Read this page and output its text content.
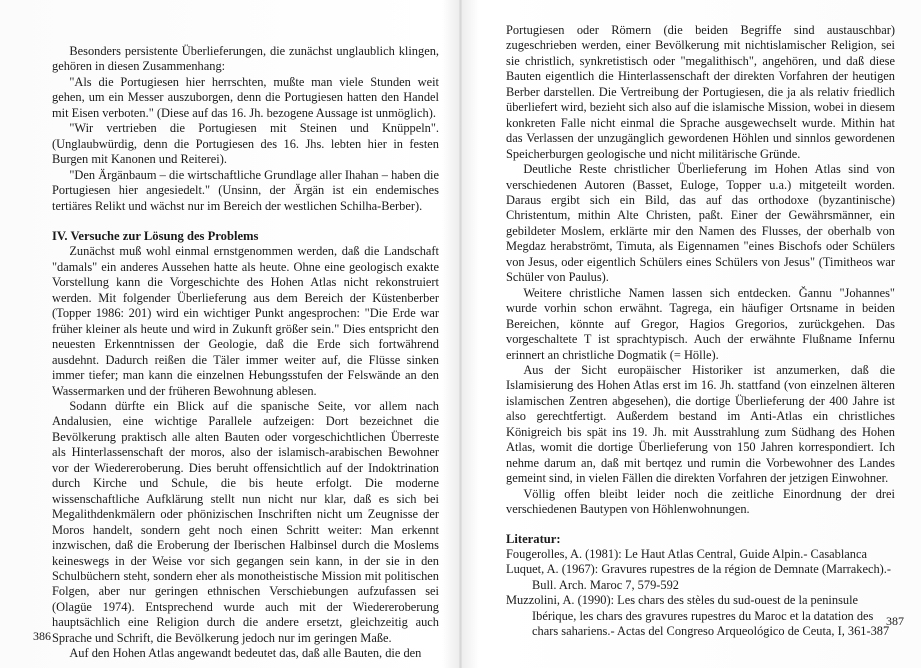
Besonders persistente Überlieferungen, die zunächst unglaublich klingen, gehören in diesen Zusammenhang:

"Als die Portugiesen hier herrschten, mußte man viele Stunden weit gehen, um ein Messer auszuborgen, denn die Portugiesen hatten den Handel mit Eisen verboten." (Diese auf das 16. Jh. bezogene Aussage ist unmöglich).

"Wir vertrieben die Portugiesen mit Steinen und Knüppeln". (Unglaubwürdig, denn die Portugiesen des 16. Jhs. lebten hier in festen Burgen mit Kanonen und Reiterei).

"Den Ärgänbaum – die wirtschaftliche Grundlage aller Ihahan – haben die Portugiesen hier angesiedelt." (Unsinn, der Ärgän ist ein endemisches tertiäres Relikt und wächst nur im Bereich der westlichen Schilha-Berber).

IV. Versuche zur Lösung des Problems

Zunächst muß wohl einmal ernstgenommen werden, daß die Landschaft "damals" ein anderes Aussehen hatte als heute. Ohne eine geologisch exakte Vorstellung kann die Vorgeschichte des Hohen Atlas nicht rekonstruiert werden. Mit folgender Überlieferung aus dem Bereich der Küstenberber (Topper 1986: 201) wird ein wichtiger Punkt angesprochen: "Die Erde war früher kleiner als heute und wird in Zukunft größer sein." Dies entspricht den neuesten Erkenntnissen der Geologie, daß die Erde sich fortwährend ausdehnt. Dadurch reißen die Täler immer weiter auf, die Flüsse sinken immer tiefer; man kann die einzelnen Hebungsstufen der Felswände an den Wassermarken und der früheren Bewohnung ablesen.

Sodann dürfte ein Blick auf die spanische Seite, vor allem nach Andalusien, eine wichtige Parallele aufzeigen: Dort bezeichnet die Bevölkerung praktisch alle alten Bauten oder vorgeschichtlichen Überreste als Hinterlassenschaft der moros, also der islamisch-arabischen Bewohner vor der Wiedereroberung. Dies beruht offensichtlich auf der Indoktrination durch Kirche und Schule, die bis heute erfolgt. Die moderne wissenschaftliche Aufklärung stellt nun nicht nur klar, daß es sich bei Megalithdenkmälern oder phönizischen Inschriften nicht um Zeugnisse der Moros handelt, sondern geht noch einen Schritt weiter: Man erkennt inzwischen, daß die Eroberung der Iberischen Halbinsel durch die Moslems keineswegs in der Weise vor sich gegangen sein kann, in der sie in den Schulbüchern steht, sondern eher als monotheistische Mission mit politischen Folgen, aber nur geringen ethnischen Verschiebungen aufzufassen sei (Olagüe 1974). Entsprechend wurde auch mit der Wiedereroberung hauptsächlich eine Religion durch die andere ersetzt, gleichzeitig auch Sprache und Schrift, die Bevölkerung jedoch nur im geringen Maße.

Auf den Hohen Atlas angewandt bedeutet das, daß alle Bauten, die den

386

Portugiesen oder Römern (die beiden Begriffe sind austauschbar) zugeschrieben werden, einer Bevölkerung mit nichtislamischer Religion, sei sie christlich, synkretistisch oder "megalithisch", angehören, und daß diese Bauten eigentlich die Hinterlassenschaft der direkten Vorfahren der heutigen Berber darstellen. Die Vertreibung der Portugiesen, die ja als relativ friedlich überliefert wird, bezieht sich also auf die islamische Mission, wobei in diesem konkreten Falle nicht einmal die Sprache ausgewechselt wurde. Mithin hat das Verlassen der unzugänglich gewordenen Höhlen und sinnlos gewordenen Speicherburgen geologische und nicht militärische Gründe.

Deutliche Reste christlicher Überlieferung im Hohen Atlas sind von verschiedenen Autoren (Basset, Euloge, Topper u.a.) mitgeteilt worden. Daraus ergibt sich ein Bild, das auf das orthodoxe (byzantinische) Christentum, mithin Alte Christen, paßt. Einer der Gewährsmänner, ein gebildeter Moslem, erklärte mir den Namen des Flusses, der oberhalb von Megdaz herabströmt, Timuta, als Eigennamen "eines Bischofs oder Schülers von Jesus, oder eigentlich Schülers eines Schülers von Jesus" (Timitheos war Schüler von Paulus).

Weitere christliche Namen lassen sich entdecken. Ğannu "Johannes" wurde vorhin schon erwähnt. Tagrega, ein häufiger Ortsname in beiden Bereichen, könnte auf Gregor, Hagios Gregorios, zurückgehen. Das vorgeschaltete T ist sprachtypisch. Auch der erwähnte Flußname Infernu erinnert an christliche Dogmatik (= Hölle).

Aus der Sicht europäischer Historiker ist anzumerken, daß die Islamisierung des Hohen Atlas erst im 16. Jh. stattfand (von einzelnen älteren islamischen Zentren abgesehen), die dortige Überlieferung der 400 Jahre ist also gerechtfertigt. Außerdem bestand im Anti-Atlas ein christliches Königreich bis spät ins 19. Jh. mit Ausstrahlung zum Südhang des Hohen Atlas, womit die dortige Überlieferung von 150 Jahren korrespondiert. Ich nehme darum an, daß mit bertqez und rumin die Vorbewohner des Landes gemeint sind, in vielen Fällen die direkten Vorfahren der jetzigen Einwohner.

Völlig offen bleibt leider noch die zeitliche Einordnung der drei verschiedenen Bautypen von Höhlenwohnungen.

Literatur:

Fougerolles, A. (1981): Le Haut Atlas Central, Guide Alpin.- Casablanca

Luquet, A. (1967): Gravures rupestres de la région de Demnate (Marrakech).- Bull. Arch. Maroc 7, 579-592

Muzzolini, A. (1990): Les chars des stèles du sud-ouest de la peninsule Ibérique, les chars des gravures rupestres du Maroc et la datation des chars sahariens.- Actas del Congreso Arqueológico de Ceuta, I, 361-387

387
